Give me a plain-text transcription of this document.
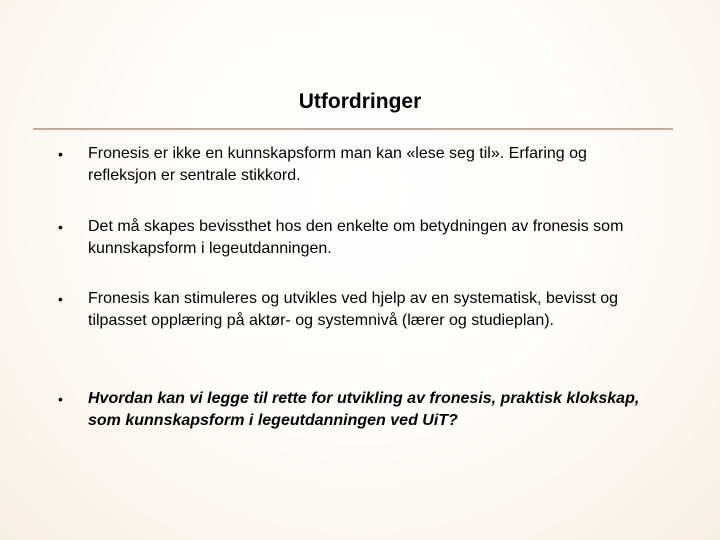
Utfordringer
•	Fronesis er ikke en kunnskapsform man kan «lese seg til». Erfaring og refleksjon er sentrale stikkord.
•	Det må skapes bevissthet hos den enkelte om betydningen av fronesis som kunnskapsform i legeutdanningen.
•	Fronesis kan stimuleres og utvikles ved hjelp av en systematisk, bevisst og tilpasset opplæring på aktør- og systemnivå (lærer og studieplan).
•	Hvordan kan vi legge til rette for utvikling av fronesis, praktisk klokskap, som kunnskapsform i legeutdanningen ved UiT?
